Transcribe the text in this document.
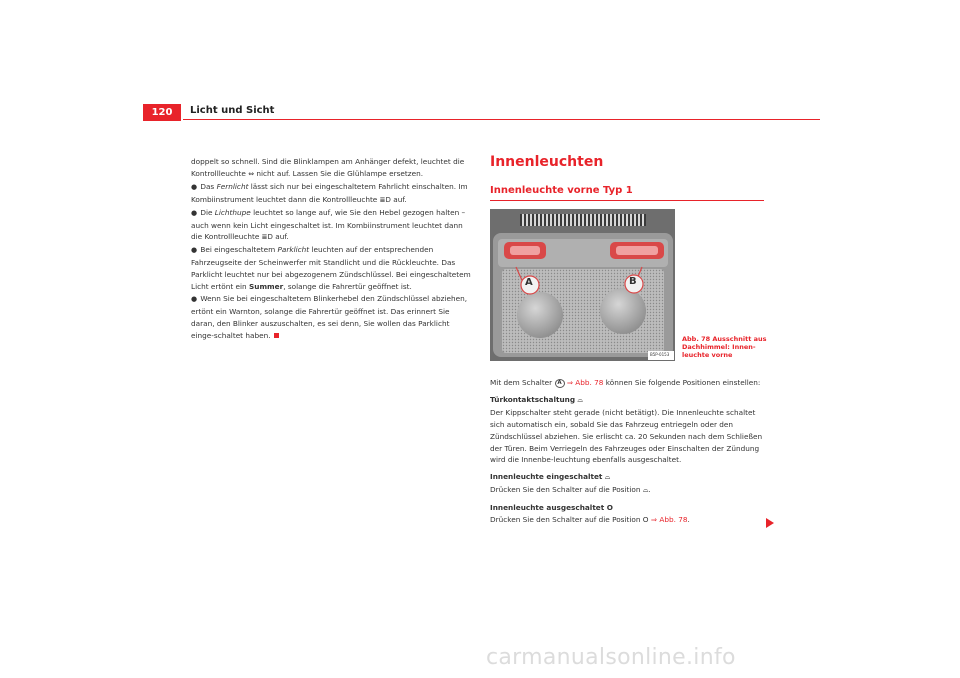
120	Licht und Sicht

doppelt so schnell. Sind die Blinklampen am Anhänger defekt, leuchtet die Kontrollleuchte ⇔ nicht auf. Lassen Sie die Glühlampe ersetzen.

● Das Fernlicht lässt sich nur bei eingeschaltetem Fahrlicht einschalten. Im Kombiinstrument leuchtet dann die Kontrollleuchte ≣D auf.

● Die Lichthupe leuchtet so lange auf, wie Sie den Hebel gezogen halten – auch wenn kein Licht eingeschaltet ist. Im Kombiinstrument leuchtet dann die Kontrollleuchte ≣D auf.

● Bei eingeschaltetem Parklicht leuchten auf der entsprechenden Fahrzeugseite der Scheinwerfer mit Standlicht und die Rückleuchte. Das Parklicht leuchtet nur bei abgezogenem Zündschlüssel. Bei eingeschaltetem Licht ertönt ein Summer, solange die Fahrertür geöffnet ist.

● Wenn Sie bei eingeschaltetem Blinkerhebel den Zündschlüssel abziehen, ertönt ein Warnton, solange die Fahrertür geöffnet ist. Das erinnert Sie daran, den Blinker auszuschalten, es sei denn, Sie wollen das Parklicht einge-schaltet haben.

Innenleuchten
Innenleuchte vorne Typ 1
A	B
B5P-0153
Abb. 78 Ausschnitt aus
Dachhimmel: Innen-
leuchte vorne

Mit dem Schalter A ⇒ Abb. 78 können Sie folgende Positionen einstellen:

Türkontaktschaltung ⌓

Der Kippschalter steht gerade (nicht betätigt). Die Innenleuchte schaltet sich automatisch ein, sobald Sie das Fahrzeug entriegeln oder den Zündschlüssel abziehen. Sie erlischt ca. 20 Sekunden nach dem Schließen der Türen. Beim Verriegeln des Fahrzeuges oder Einschalten der Zündung wird die Innenbe-leuchtung ebenfalls ausgeschaltet.

Innenleuchte eingeschaltet ⌓

Drücken Sie den Schalter auf die Position ⌓.

Innenleuchte ausgeschaltet O

Drücken Sie den Schalter auf die Position O ⇒ Abb. 78.

carmanualsonline.info
